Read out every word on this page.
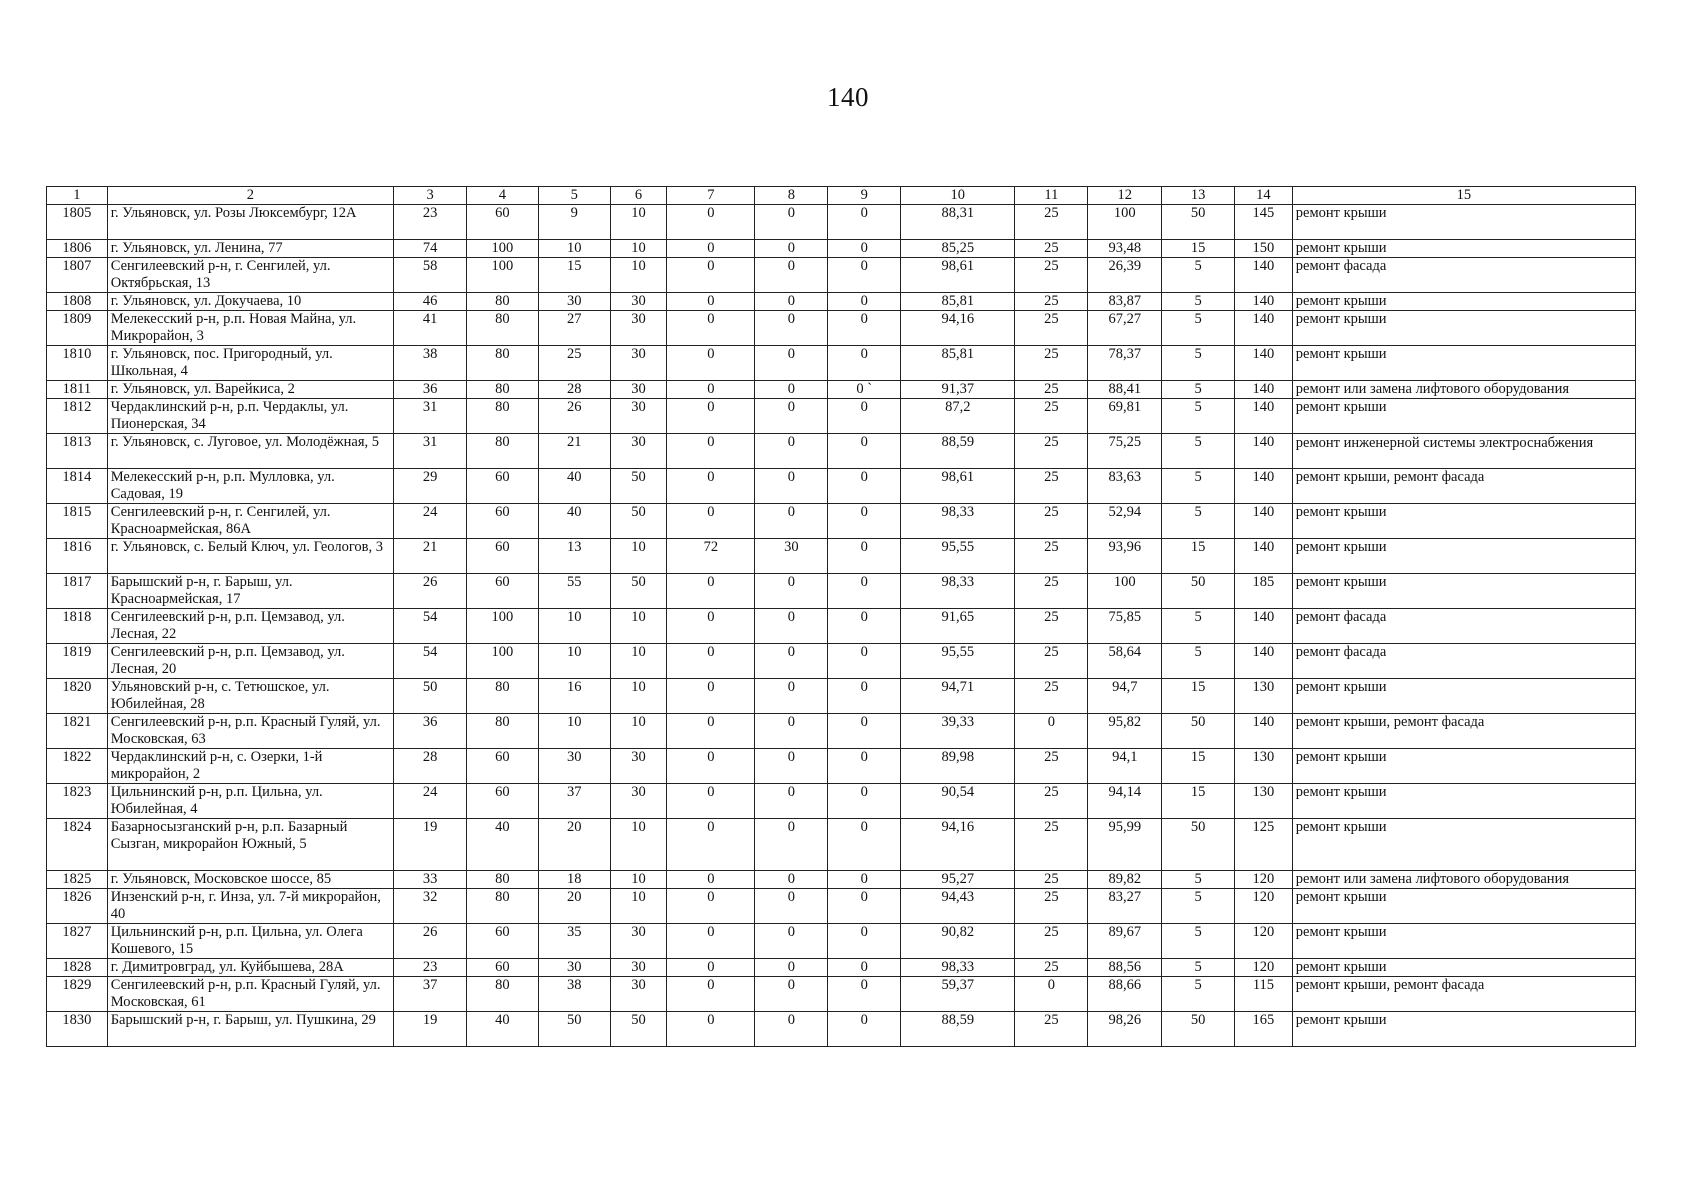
140
1	2	3	4	5	6	7	8	9	10	11	12	13	14	15
1805	г. Ульяновск, ул. Розы Люксембург, 12А	23	60	9	10	0	0	0	88,31	25	100	50	145	ремонт крыши
1806	г. Ульяновск, ул. Ленина, 77	74	100	10	10	0	0	0	85,25	25	93,48	15	150	ремонт крыши
1807	Сенгилеевский р-н, г. Сенгилей, ул. Октябрьская, 13	58	100	15	10	0	0	0	98,61	25	26,39	5	140	ремонт фасада
1808	г. Ульяновск, ул. Докучаева, 10	46	80	30	30	0	0	0	85,81	25	83,87	5	140	ремонт крыши
1809	Мелекесский р-н, р.п. Новая Майна, ул. Микрорайон, 3	41	80	27	30	0	0	0	94,16	25	67,27	5	140	ремонт крыши
1810	г. Ульяновск, пос. Пригородный, ул. Школьная, 4	38	80	25	30	0	0	0	85,81	25	78,37	5	140	ремонт крыши
1811	г. Ульяновск, ул. Варейкиса, 2	36	80	28	30	0	0	0 `	91,37	25	88,41	5	140	ремонт или замена лифтового оборудования
1812	Чердаклинский р-н, р.п. Чердаклы, ул. Пионерская, 34	31	80	26	30	0	0	0	87,2	25	69,81	5	140	ремонт крыши
1813	г. Ульяновск, с. Луговое, ул. Молодёжная, 5	31	80	21	30	0	0	0	88,59	25	75,25	5	140	ремонт инженерной системы электроснабжения
1814	Мелекесский р-н, р.п. Мулловка, ул. Садовая, 19	29	60	40	50	0	0	0	98,61	25	83,63	5	140	ремонт крыши, ремонт фасада
1815	Сенгилеевский р-н, г. Сенгилей, ул. Красноармейская, 86А	24	60	40	50	0	0	0	98,33	25	52,94	5	140	ремонт крыши
1816	г. Ульяновск, с. Белый Ключ, ул. Геологов, 3	21	60	13	10	72	30	0	95,55	25	93,96	15	140	ремонт крыши
1817	Барышский р-н, г. Барыш, ул. Красноармейская, 17	26	60	55	50	0	0	0	98,33	25	100	50	185	ремонт крыши
1818	Сенгилеевский р-н, р.п. Цемзавод, ул. Лесная, 22	54	100	10	10	0	0	0	91,65	25	75,85	5	140	ремонт фасада
1819	Сенгилеевский р-н, р.п. Цемзавод, ул. Лесная, 20	54	100	10	10	0	0	0	95,55	25	58,64	5	140	ремонт фасада
1820	Ульяновский р-н, с. Тетюшское, ул. Юбилейная, 28	50	80	16	10	0	0	0	94,71	25	94,7	15	130	ремонт крыши
1821	Сенгилеевский р-н, р.п. Красный Гуляй, ул. Московская, 63	36	80	10	10	0	0	0	39,33	0	95,82	50	140	ремонт крыши, ремонт фасада
1822	Чердаклинский р-н, с. Озерки, 1-й микрорайон, 2	28	60	30	30	0	0	0	89,98	25	94,1	15	130	ремонт крыши
1823	Цильнинский р-н, р.п. Цильна, ул. Юбилейная, 4	24	60	37	30	0	0	0	90,54	25	94,14	15	130	ремонт крыши
1824	Базарносызганский р-н, р.п. Базарный Сызган, микрорайон Южный, 5	19	40	20	10	0	0	0	94,16	25	95,99	50	125	ремонт крыши
1825	г. Ульяновск, Московское шоссе, 85	33	80	18	10	0	0	0	95,27	25	89,82	5	120	ремонт или замена лифтового оборудования
1826	Инзенский р-н, г. Инза, ул. 7-й микрорайон, 40	32	80	20	10	0	0	0	94,43	25	83,27	5	120	ремонт крыши
1827	Цильнинский р-н, р.п. Цильна, ул. Олега Кошевого, 15	26	60	35	30	0	0	0	90,82	25	89,67	5	120	ремонт крыши
1828	г. Димитровград, ул. Куйбышева, 28А	23	60	30	30	0	0	0	98,33	25	88,56	5	120	ремонт крыши
1829	Сенгилеевский р-н, р.п. Красный Гуляй, ул. Московская, 61	37	80	38	30	0	0	0	59,37	0	88,66	5	115	ремонт крыши, ремонт фасада
1830	Барышский р-н, г. Барыш, ул. Пушкина, 29	19	40	50	50	0	0	0	88,59	25	98,26	50	165	ремонт крыши
